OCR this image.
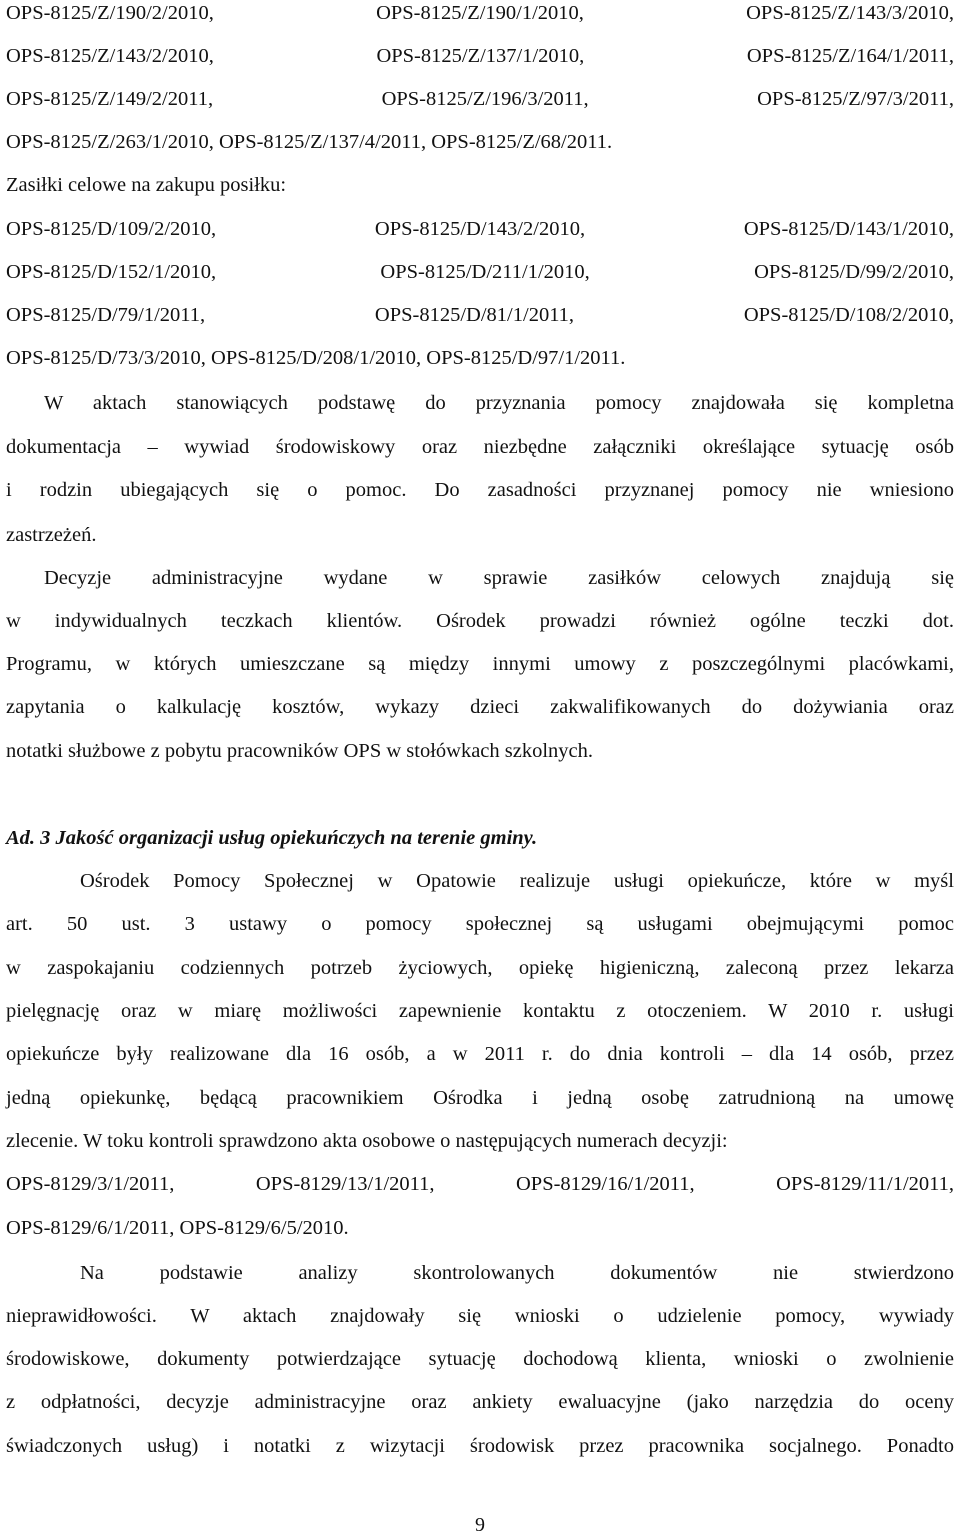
OPS-8125/Z/190/2/2010,	OPS-8125/Z/190/1/2010,	OPS-8125/Z/143/3/2010,
OPS-8125/Z/143/2/2010,	OPS-8125/Z/137/1/2010,	OPS-8125/Z/164/1/2011,
OPS-8125/Z/149/2/2011,	OPS-8125/Z/196/3/2011,	OPS-8125/Z/97/3/2011,
OPS-8125/Z/263/1/2010, OPS-8125/Z/137/4/2011, OPS-8125/Z/68/2011.
Zasiłki celowe na zakupu posiłku:
OPS-8125/D/109/2/2010,	OPS-8125/D/143/2/2010,	OPS-8125/D/143/1/2010,
OPS-8125/D/152/1/2010,	OPS-8125/D/211/1/2010,	OPS-8125/D/99/2/2010,
OPS-8125/D/79/1/2011,	OPS-8125/D/81/1/2011,	OPS-8125/D/108/2/2010,
OPS-8125/D/73/3/2010, OPS-8125/D/208/1/2010, OPS-8125/D/97/1/2011.
W aktach stanowiących podstawę do przyznania pomocy znajdowała się kompletna
dokumentacja – wywiad środowiskowy oraz niezbędne załączniki określające sytuację osób
i rodzin ubiegających się o pomoc. Do zasadności przyznanej pomocy nie wniesiono
zastrzeżeń.
Decyzje administracyjne wydane w sprawie zasiłków celowych znajdują się
w indywidualnych teczkach klientów. Ośrodek prowadzi również ogólne teczki dot.
Programu, w których umieszczane są między innymi umowy z poszczególnymi placówkami,
zapytania o kalkulację kosztów, wykazy dzieci zakwalifikowanych do dożywiania oraz
notatki służbowe z pobytu pracowników OPS w stołówkach szkolnych.
Ad. 3 Jakość organizacji usług opiekuńczych na terenie gminy.
Ośrodek Pomocy Społecznej w Opatowie realizuje usługi opiekuńcze, które w myśl
art. 50 ust. 3 ustawy o pomocy społecznej są usługami obejmującymi pomoc
w zaspokajaniu codziennych potrzeb życiowych, opiekę higieniczną, zaleconą przez lekarza
pielęgnację oraz w miarę możliwości zapewnienie kontaktu z otoczeniem. W 2010 r. usługi
opiekuńcze były realizowane dla 16 osób, a w 2011 r. do dnia kontroli – dla 14 osób, przez
jedną opiekunkę, będącą pracownikiem Ośrodka i jedną osobę zatrudnioną na umowę
zlecenie. W toku kontroli sprawdzono akta osobowe o następujących numerach decyzji:
OPS-8129/3/1/2011,	OPS-8129/13/1/2011,	OPS-8129/16/1/2011,	OPS-8129/11/1/2011,
OPS-8129/6/1/2011, OPS-8129/6/5/2010.
Na podstawie analizy skontrolowanych dokumentów nie stwierdzono
nieprawidłowości. W aktach znajdowały się wnioski o udzielenie pomocy, wywiady
środowiskowe, dokumenty potwierdzające sytuację dochodową klienta, wnioski o zwolnienie
z odpłatności, decyzje administracyjne oraz ankiety ewaluacyjne (jako narzędzia do oceny
świadczonych usług) i notatki z wizytacji środowisk przez pracownika socjalnego. Ponadto
9
